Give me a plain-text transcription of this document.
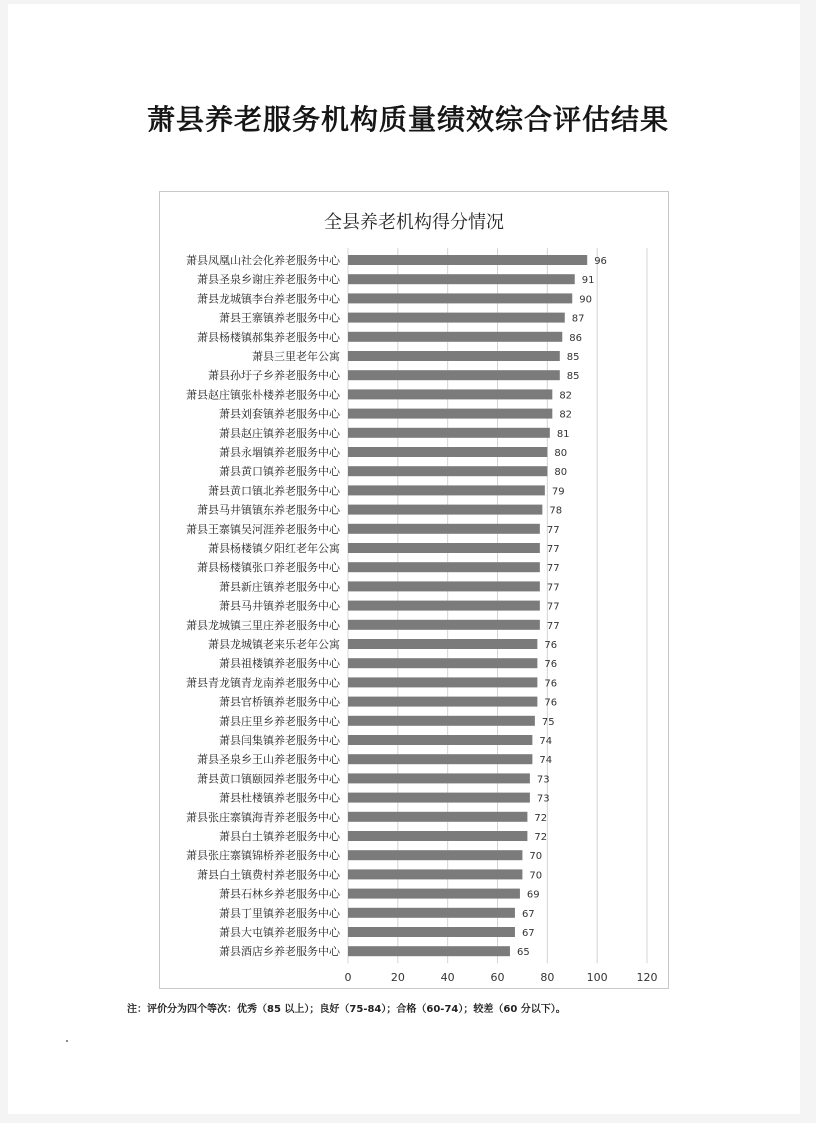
萧县养老服务机构质量绩效综合评估结果
全县养老机构得分情况
0	20	40	60	80	100	120
萧县凤凰山社会化养老服务中心	96
萧县圣泉乡谢庄养老服务中心	91
萧县龙城镇李台养老服务中心	90
萧县王寨镇养老服务中心	87
萧县杨楼镇郝集养老服务中心	86
萧县三里老年公寓	85
萧县孙圩子乡养老服务中心	85
萧县赵庄镇张朴楼养老服务中心	82
萧县刘套镇养老服务中心	82
萧县赵庄镇养老服务中心	81
萧县永堌镇养老服务中心	80
萧县黄口镇养老服务中心	80
萧县黄口镇北养老服务中心	79
萧县马井镇镇东养老服务中心	78
萧县王寨镇吴河涯养老服务中心	77
萧县杨楼镇夕阳红老年公寓	77
萧县杨楼镇张口养老服务中心	77
萧县新庄镇养老服务中心	77
萧县马井镇养老服务中心	77
萧县龙城镇三里庄养老服务中心	77
萧县龙城镇老来乐老年公寓	76
萧县祖楼镇养老服务中心	76
萧县青龙镇青龙南养老服务中心	76
萧县官桥镇养老服务中心	76
萧县庄里乡养老服务中心	75
萧县闫集镇养老服务中心	74
萧县圣泉乡王山养老服务中心	74
萧县黄口镇颐园养老服务中心	73
萧县杜楼镇养老服务中心	73
萧县张庄寨镇海青养老服务中心	72
萧县白土镇养老服务中心	72
萧县张庄寨镇锦桥养老服务中心	70
萧县白土镇费村养老服务中心	70
萧县石林乡养老服务中心	69
萧县丁里镇养老服务中心	67
萧县大屯镇养老服务中心	67
萧县酒店乡养老服务中心	65
注：评价分为四个等次：优秀（85 以上）；良好（75-84）；合格（60-74）；较差（60 分以下）。
